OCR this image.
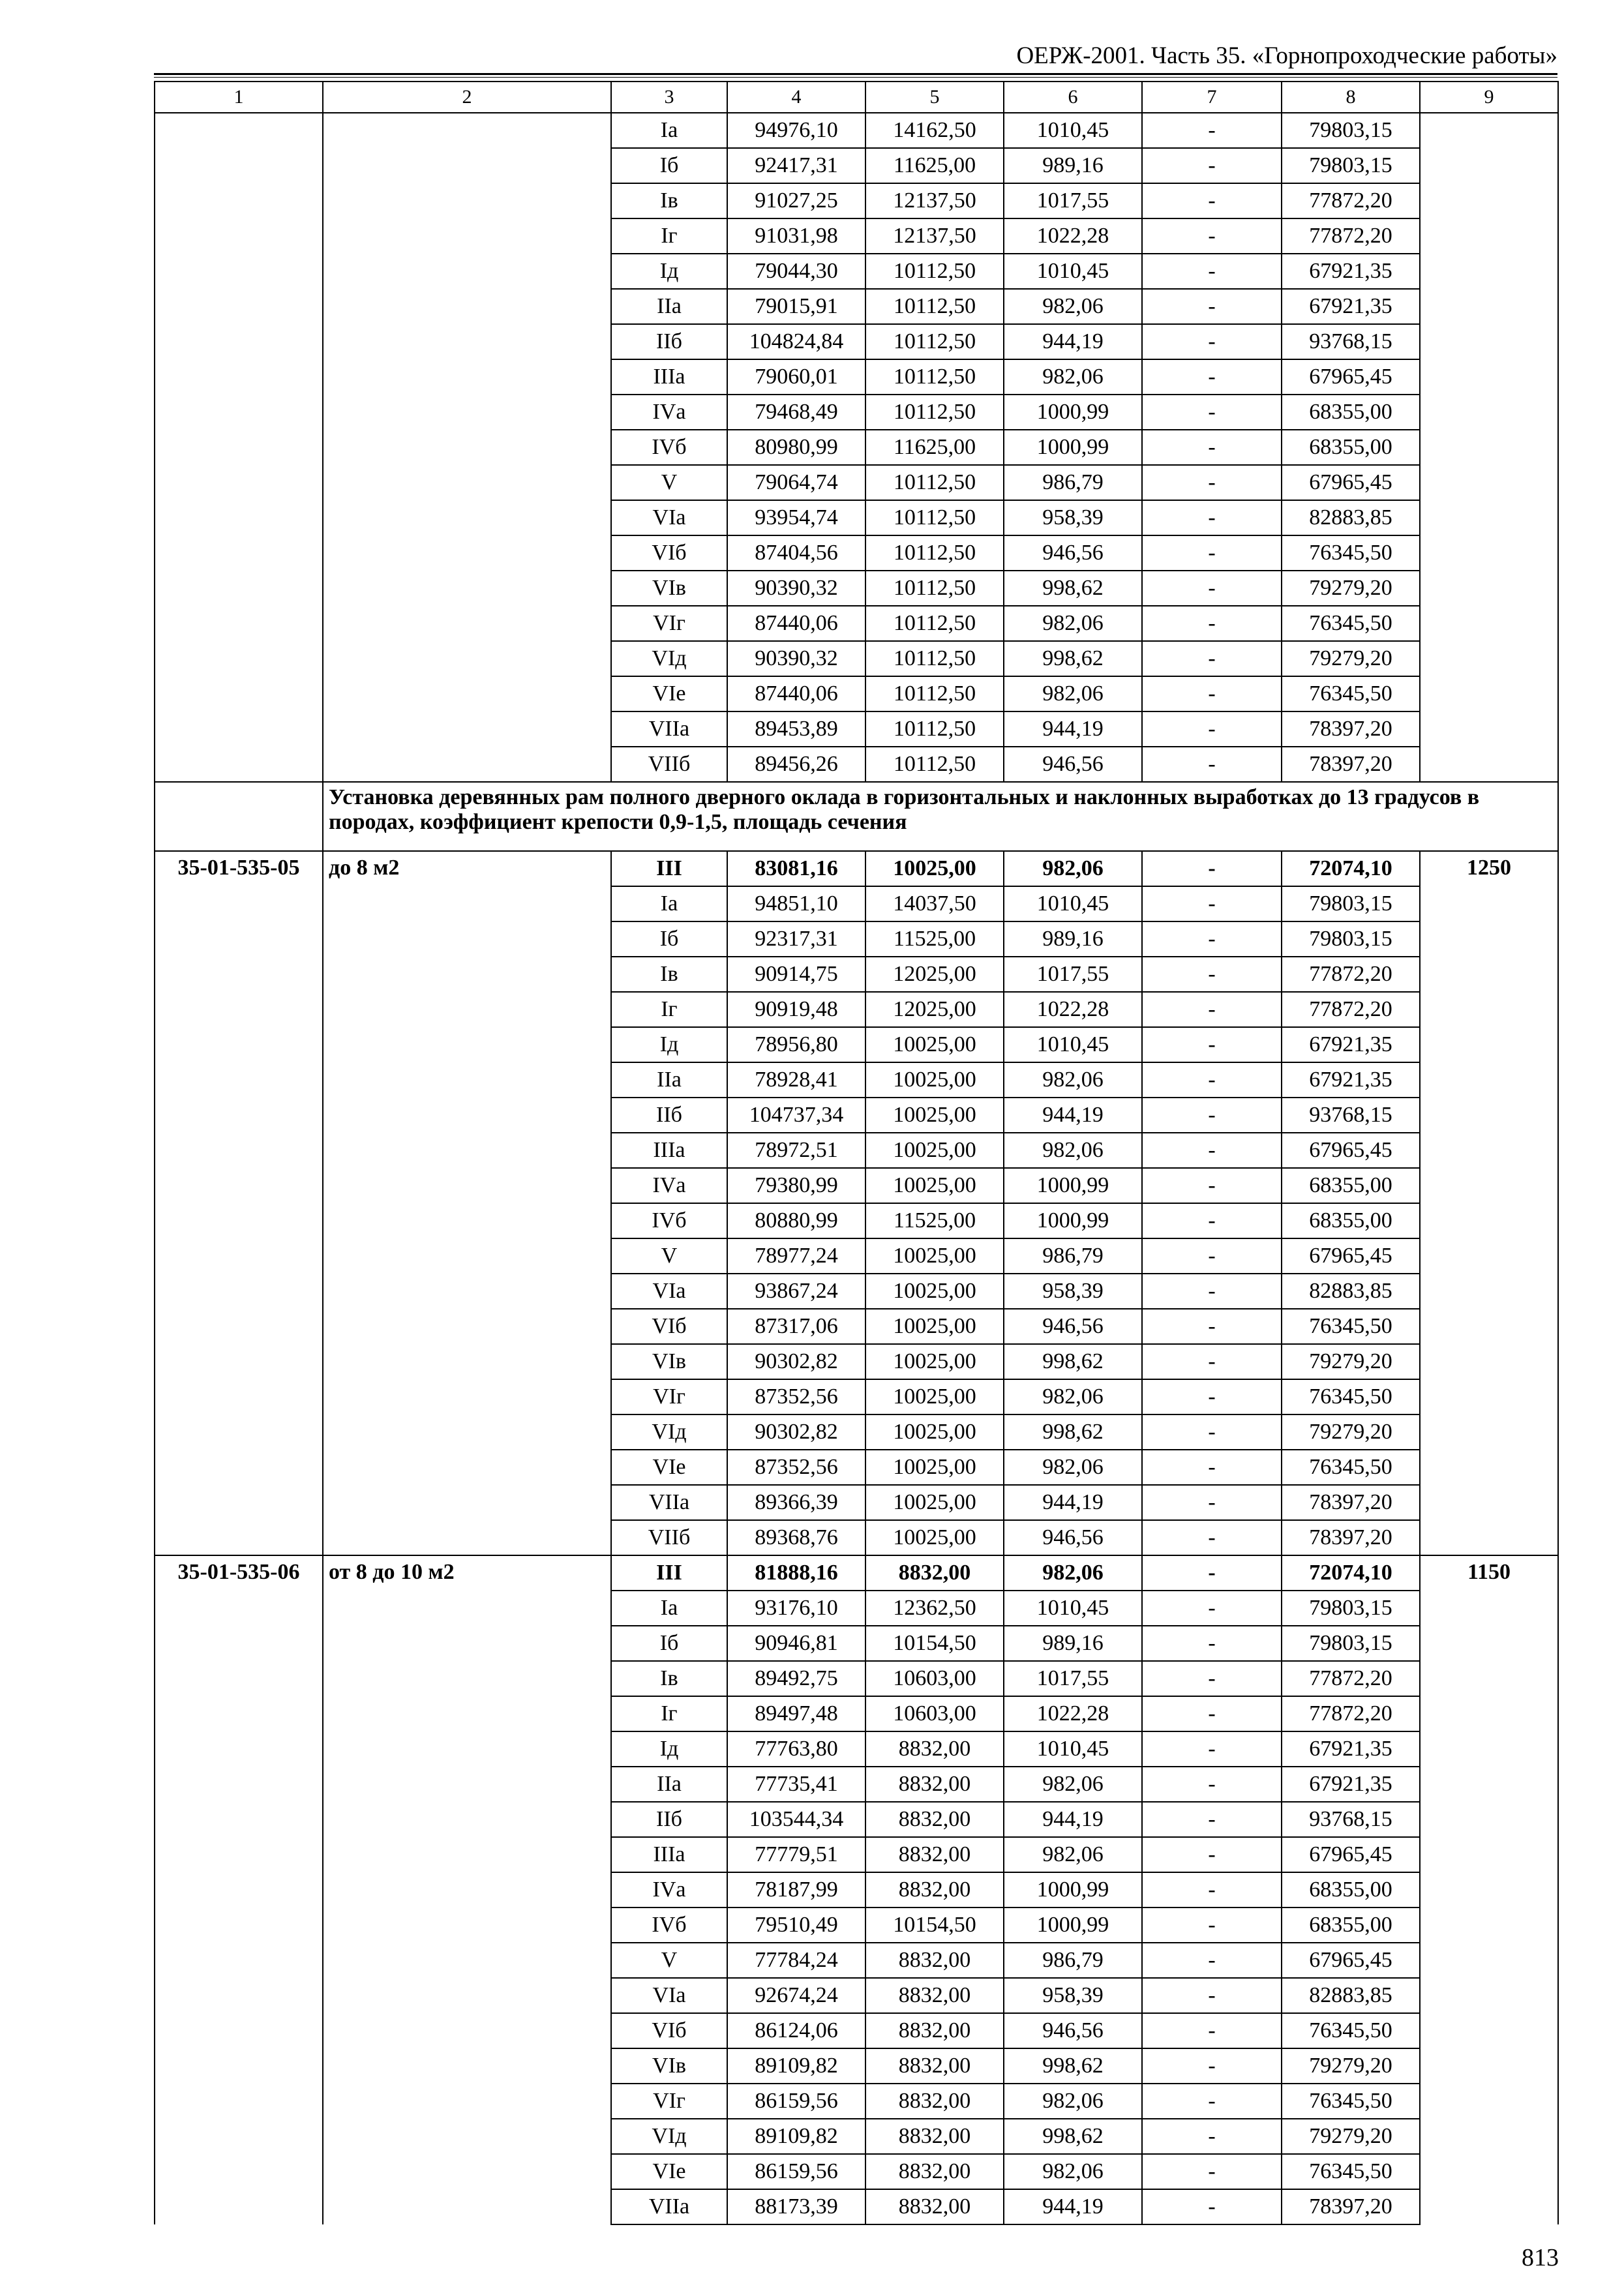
ОЕРЖ-2001. Часть 35. «Горнопроходческие работы»
1	2	3	4	5	6	7	8	9
		Iа	94976,10	14162,50	1010,45	-	79803,15	
		Iб	92417,31	11625,00	989,16	-	79803,15	
		Iв	91027,25	12137,50	1017,55	-	77872,20	
		Iг	91031,98	12137,50	1022,28	-	77872,20	
		Iд	79044,30	10112,50	1010,45	-	67921,35	
		IIа	79015,91	10112,50	982,06	-	67921,35	
		IIб	104824,84	10112,50	944,19	-	93768,15	
		IIIа	79060,01	10112,50	982,06	-	67965,45	
		IVа	79468,49	10112,50	1000,99	-	68355,00	
		IVб	80980,99	11625,00	1000,99	-	68355,00	
		V	79064,74	10112,50	986,79	-	67965,45	
		VIа	93954,74	10112,50	958,39	-	82883,85	
		VIб	87404,56	10112,50	946,56	-	76345,50	
		VIв	90390,32	10112,50	998,62	-	79279,20	
		VIг	87440,06	10112,50	982,06	-	76345,50	
		VIд	90390,32	10112,50	998,62	-	79279,20	
		VIе	87440,06	10112,50	982,06	-	76345,50	
		VIIа	89453,89	10112,50	944,19	-	78397,20	
		VIIб	89456,26	10112,50	946,56	-	78397,20	
	Установка деревянных рам полного дверного оклада в горизонтальных и наклонных выработках до 13 градусов в породах, коэффициент крепости 0,9-1,5, площадь сечения							
35-01-535-05	до 8 м2	III	83081,16	10025,00	982,06	-	72074,10	1250
		Iа	94851,10	14037,50	1010,45	-	79803,15	
		Iб	92317,31	11525,00	989,16	-	79803,15	
		Iв	90914,75	12025,00	1017,55	-	77872,20	
		Iг	90919,48	12025,00	1022,28	-	77872,20	
		Iд	78956,80	10025,00	1010,45	-	67921,35	
		IIа	78928,41	10025,00	982,06	-	67921,35	
		IIб	104737,34	10025,00	944,19	-	93768,15	
		IIIа	78972,51	10025,00	982,06	-	67965,45	
		IVа	79380,99	10025,00	1000,99	-	68355,00	
		IVб	80880,99	11525,00	1000,99	-	68355,00	
		V	78977,24	10025,00	986,79	-	67965,45	
		VIа	93867,24	10025,00	958,39	-	82883,85	
		VIб	87317,06	10025,00	946,56	-	76345,50	
		VIв	90302,82	10025,00	998,62	-	79279,20	
		VIг	87352,56	10025,00	982,06	-	76345,50	
		VIд	90302,82	10025,00	998,62	-	79279,20	
		VIе	87352,56	10025,00	982,06	-	76345,50	
		VIIа	89366,39	10025,00	944,19	-	78397,20	
		VIIб	89368,76	10025,00	946,56	-	78397,20	
35-01-535-06	от 8 до 10 м2	III	81888,16	8832,00	982,06	-	72074,10	1150
		Iа	93176,10	12362,50	1010,45	-	79803,15	
		Iб	90946,81	10154,50	989,16	-	79803,15	
		Iв	89492,75	10603,00	1017,55	-	77872,20	
		Iг	89497,48	10603,00	1022,28	-	77872,20	
		Iд	77763,80	8832,00	1010,45	-	67921,35	
		IIа	77735,41	8832,00	982,06	-	67921,35	
		IIб	103544,34	8832,00	944,19	-	93768,15	
		IIIа	77779,51	8832,00	982,06	-	67965,45	
		IVа	78187,99	8832,00	1000,99	-	68355,00	
		IVб	79510,49	10154,50	1000,99	-	68355,00	
		V	77784,24	8832,00	986,79	-	67965,45	
		VIа	92674,24	8832,00	958,39	-	82883,85	
		VIб	86124,06	8832,00	946,56	-	76345,50	
		VIв	89109,82	8832,00	998,62	-	79279,20	
		VIг	86159,56	8832,00	982,06	-	76345,50	
		VIд	89109,82	8832,00	998,62	-	79279,20	
		VIе	86159,56	8832,00	982,06	-	76345,50	
		VIIа	88173,39	8832,00	944,19	-	78397,20	
813
